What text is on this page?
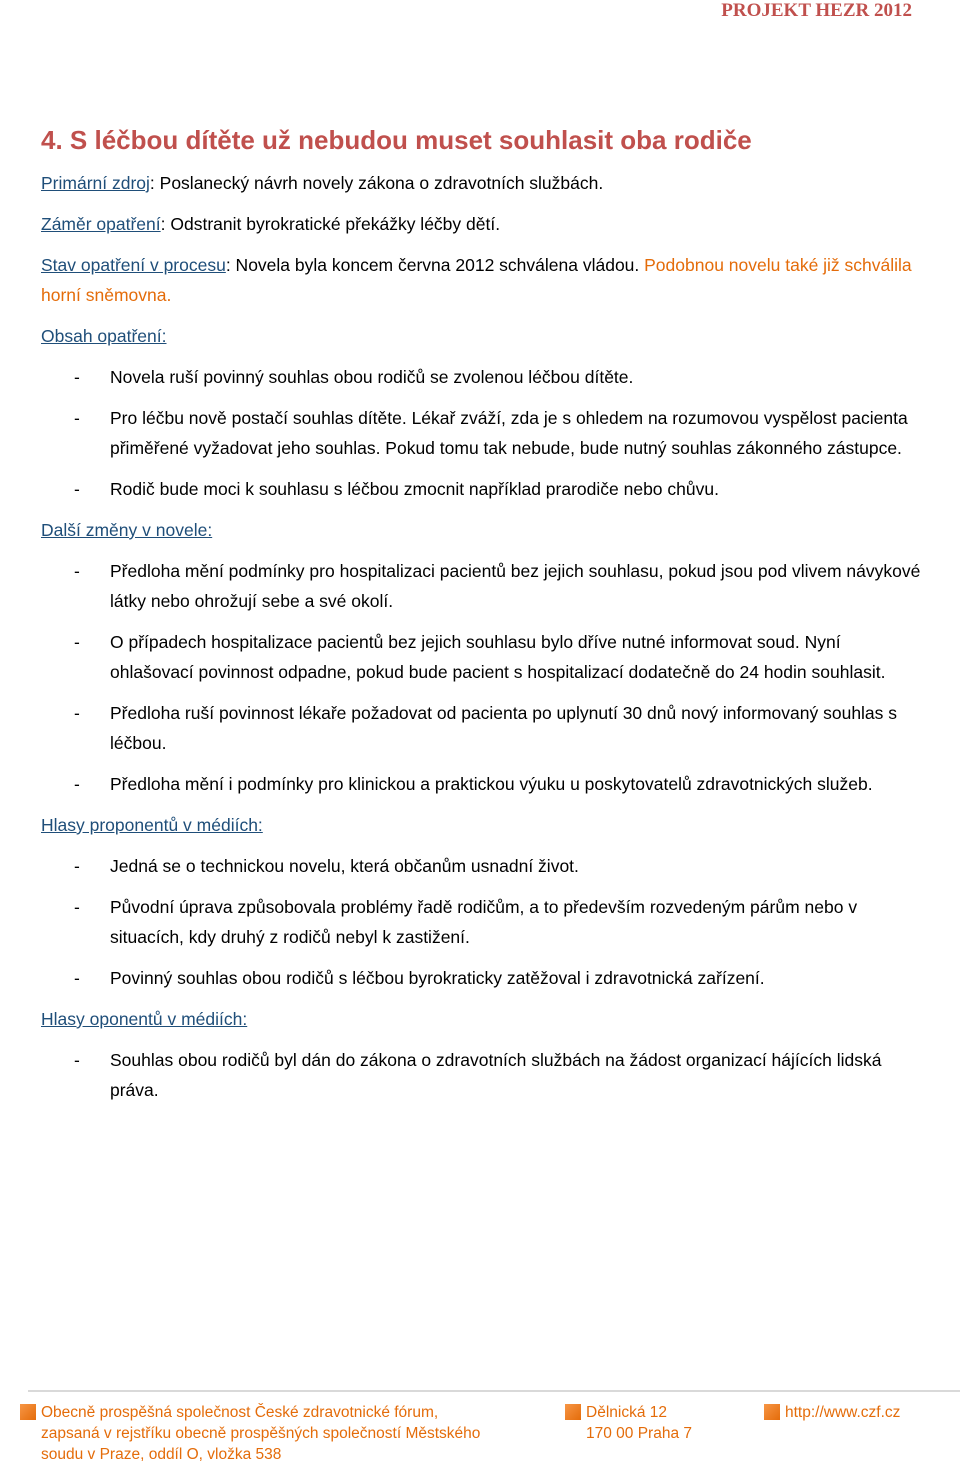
PROJEKT HEZR 2012
4. S léčbou dítěte už nebudou muset souhlasit oba rodiče

Primární zdroj: Poslanecký návrh novely zákona o zdravotních službách.

Záměr opatření: Odstranit byrokratické překážky léčby dětí.

Stav opatření v procesu: Novela byla koncem června 2012 schválena vládou. Podobnou novelu také již schválila horní sněmovna.

Obsah opatření:
- Novela ruší povinný souhlas obou rodičů se zvolenou léčbou dítěte.
- Pro léčbu nově postačí souhlas dítěte. Lékař zváží, zda je s ohledem na rozumovou vyspělost pacienta přiměřené vyžadovat jeho souhlas. Pokud tomu tak nebude, bude nutný souhlas zákonného zástupce.
- Rodič bude moci k souhlasu s léčbou zmocnit například prarodiče nebo chůvu.
Další změny v novele:
- Předloha mění podmínky pro hospitalizaci pacientů bez jejich souhlasu, pokud jsou pod vlivem návykové látky nebo ohrožují sebe a své okolí.
- O případech hospitalizace pacientů bez jejich souhlasu bylo dříve nutné informovat soud. Nyní ohlašovací povinnost odpadne, pokud bude pacient s hospitalizací dodatečně do 24 hodin souhlasit.
- Předloha ruší povinnost lékaře požadovat od pacienta po uplynutí 30 dnů nový informovaný souhlas s léčbou.
- Předloha mění i podmínky pro klinickou a praktickou výuku u poskytovatelů zdravotnických služeb.
Hlasy proponentů v médiích:
- Jedná se o technickou novelu, která občanům usnadní život.
- Původní úprava způsobovala problémy řadě rodičům, a to především rozvedeným párům nebo v situacích, kdy druhý z rodičů nebyl k zastižení.
- Povinný souhlas obou rodičů s léčbou byrokraticky zatěžoval i zdravotnická zařízení.
Hlasy oponentů v médiích:
- Souhlas obou rodičů byl dán do zákona o zdravotních službách na žádost organizací hájících lidská práva.
Obecně prospěšná společnost České zdravotnické fórum,
zapsaná v rejstříku obecně prospěšných společností Městského
soudu v Praze, oddíl O, vložka 538
Dělnická 12
170 00 Praha 7
http://www.czf.cz
